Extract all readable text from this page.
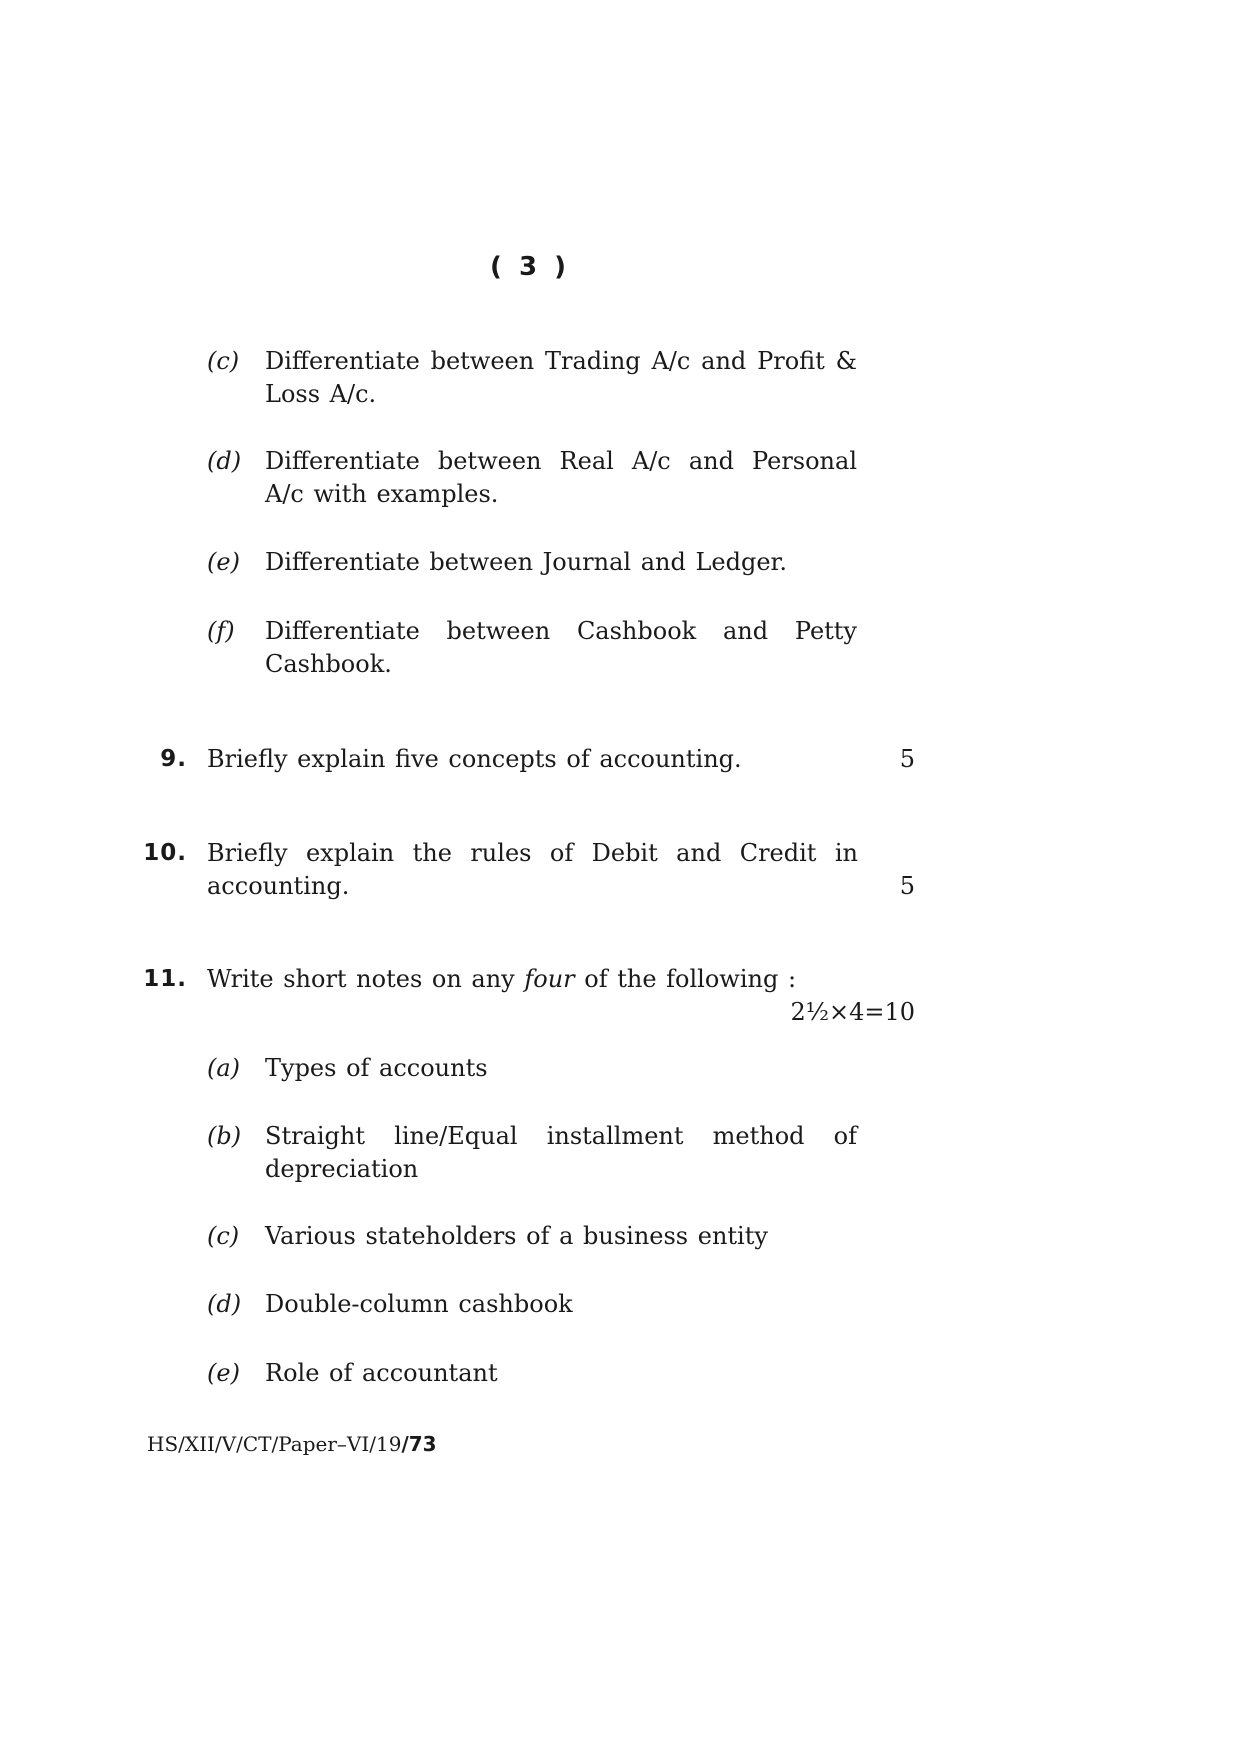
( 3 )
(c) Differentiate between Trading A/c and Profit & Loss A/c.
(d) Differentiate between Real A/c and Personal A/c with examples.
(e) Differentiate between Journal and Ledger.
(f) Differentiate between Cashbook and Petty Cashbook.
9. Briefly explain five concepts of accounting.	5
10. Briefly explain the rules of Debit and Credit in accounting.	5
11. Write short notes on any four of the following :
2½×4=10
(a) Types of accounts
(b) Straight line/Equal installment method of depreciation
(c) Various stateholders of a business entity
(d) Double-column cashbook
(e) Role of accountant
HS/XII/V/CT/Paper–VI/19/73
